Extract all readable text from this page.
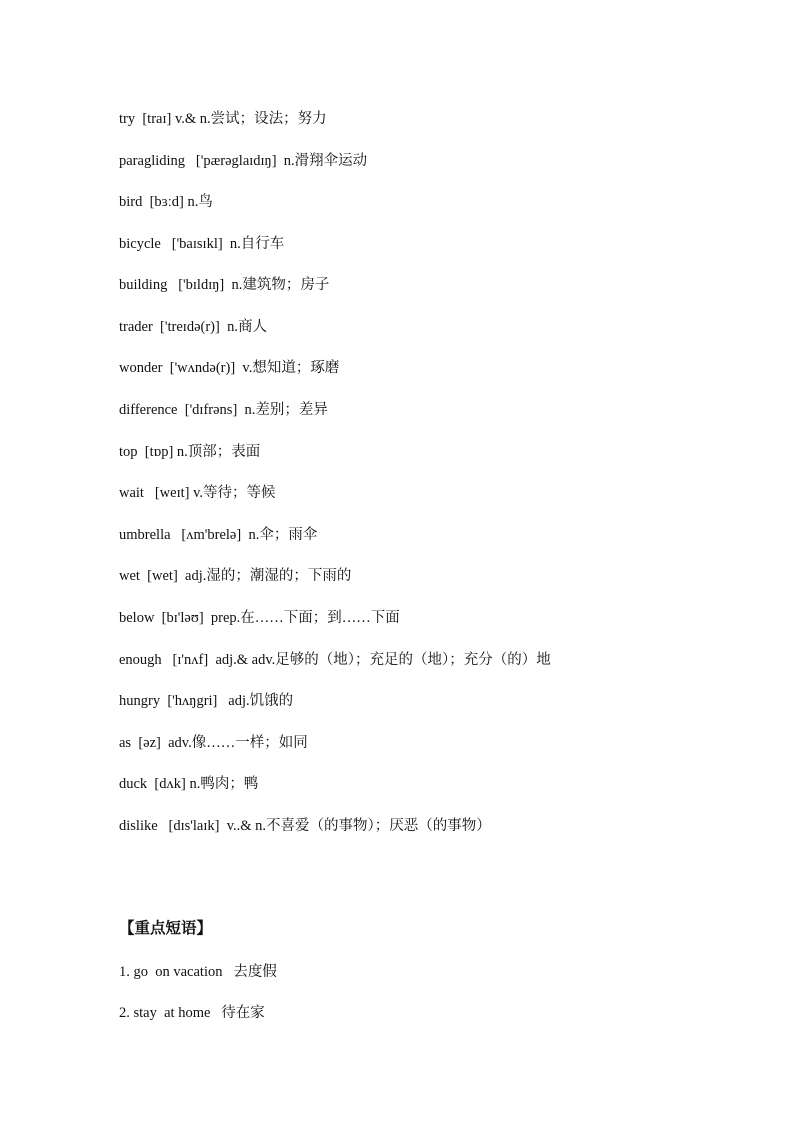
try  [traɪ] v.& n.尝试；设法；努力
paragliding   ['pærəglaɪdɪŋ]  n.滑翔伞运动
bird  [bɜːd] n.鸟
bicycle   ['baɪsɪkl]  n.自行车
building   ['bɪldɪŋ]  n.建筑物；房子
trader  ['treɪdə(r)]  n.商人
wonder  ['wʌndə(r)]  v.想知道；琢磨
difference  ['dɪfrəns]  n.差别；差异
top  [tɒp] n.顶部；表面
wait   [weɪt] v.等待；等候
umbrella   [ʌm'brelə]  n.伞；雨伞
wet  [wet]  adj.湿的；潮湿的；下雨的
below  [bɪ'ləʊ]  prep.在……下面；到……下面
enough   [ɪ'nʌf]  adj.& adv.足够的（地）；充足的（地）；充分（的）地
hungry  ['hʌŋgri]   adj.饥饿的
as  [əz]  adv.像……一样；如同
duck  [dʌk] n.鸭肉；鸭
dislike   [dɪs'laɪk]  v..& n.不喜爱（的事物）；厌恶（的事物）
【重点短语】
1. go  on vacation   去度假
2. stay  at home   待在家
